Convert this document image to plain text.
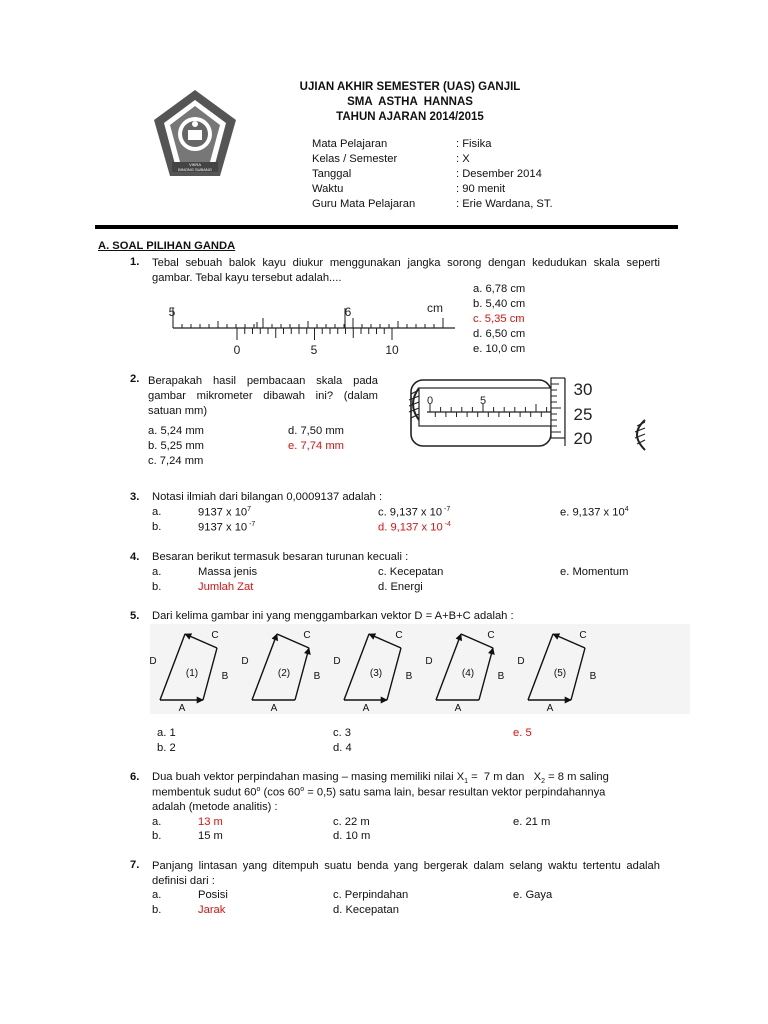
VIKRA
BINONG SUBANG
UJIAN AKHIR SEMESTER (UAS) GANJIL
SMA  ASTHA  HANNAS
TAHUN AJARAN 2014/2015
Mata Pelajaran	: Fisika
Kelas / Semester	: X
Tanggal	: Desember 2014
Waktu	: 90 menit
Guru Mata Pelajaran	: Erie Wardana, ST.
A. SOAL PILIHAN GANDA
1. Tebal sebuah balok kayu diukur menggunakan jangka sorong dengan kedudukan skala seperti gambar. Tebal kayu tersebut adalah....
5	6	cm
0	5	10
a. 6,78 cm
b. 5,40 cm
c. 5,35 cm
d. 6,50 cm
e. 10,0 cm
2. Berapakah hasil pembacaan skala pada gambar mikrometer dibawah ini? (dalam satuan mm)
a. 5,24 mm	d. 7,50 mm
b. 5,25 mm	e. 7,74 mm
c. 7,24 mm
0	5
30
25
20
3. Notasi ilmiah dari bilangan 0,0009137 adalah :
a.	9137 x $10^7$	c. 9,137 x 10 $^{-7}$	e. 9,137 x $10^4$
b.	9137 x 10 $^{-7}$	d. 9,137 x 10 $^{-4}$
4. Besaran berikut termasuk besaran turunan kecuali :
a.	Massa jenis	c. Kecepatan	e. Momentum
b.	Jumlah Zat	d. Energi
5. Dari kelima gambar ini yang menggambarkan vektor D = A+B+C adalah :
A
B
C
D
(1)
A
B
C
D
(2)
A
B
C
D
(3)
A
B
C
D
(4)
A
B
C
D
(5)
a. 1	c. 3	e. 5
b. 2	d. 4
6. Dua buah vektor perpindahan masing – masing memiliki nilai $X_1 = 7$ m dan   $X_2 = 8$ m saling
membentuk sudut 60$^o$ (cos $60^o = 0,5$) satu sama lain, besar resultan vektor perpindahannya
adalah (metode analitis) :
a.	13 m	c. 22 m	e. 21 m
b.	15 m	d. 10 m
7. Panjang lintasan yang ditempuh suatu benda yang bergerak dalam selang waktu tertentu adalah definisi dari :
a.	Posisi	c. Perpindahan	e. Gaya
b.	Jarak	d. Kecepatan
